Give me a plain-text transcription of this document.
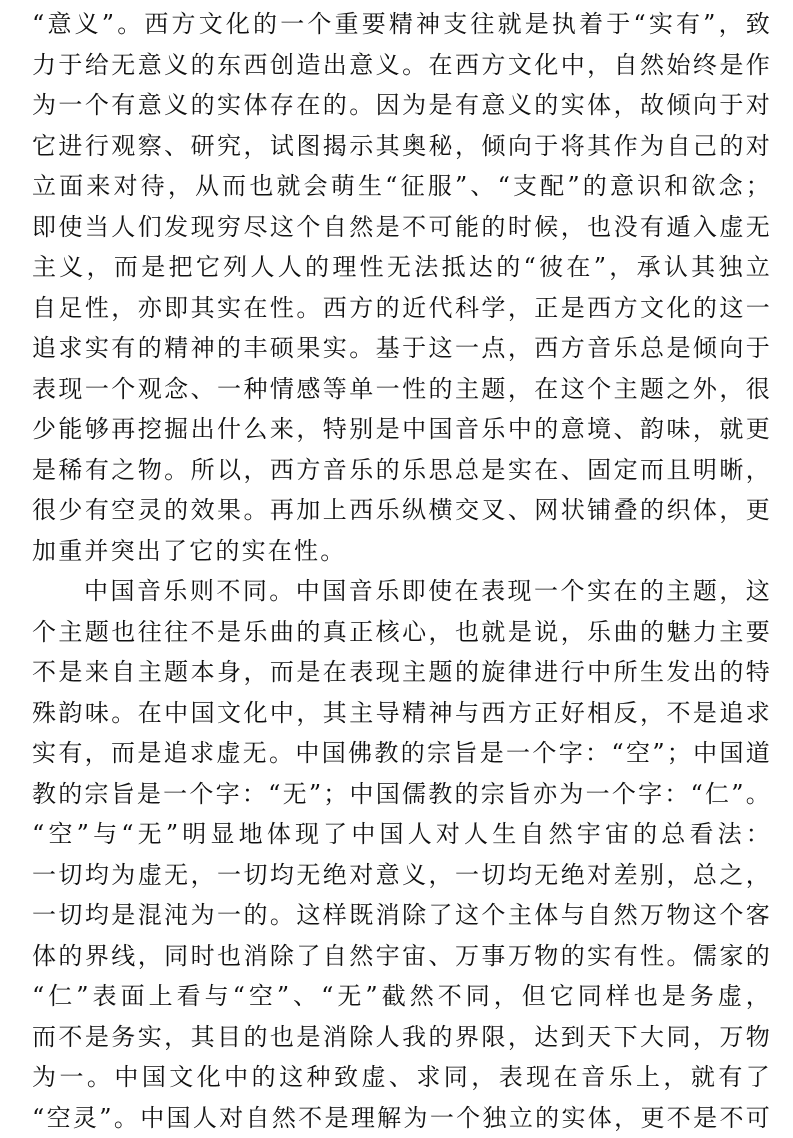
“意义”。西方文化的一个重要精神支往就是执着于“实有”，致
力于给无意义的东西创造出意义。在西方文化中，自然始终是作
为一个有意义的实体存在的。因为是有意义的实体，故倾向于对
它进行观察、研究，试图揭示其奥秘，倾向于将其作为自己的对
立面来对待，从而也就会萌生“征服”、“支配”的意识和欲念；
即使当人们发现穷尽这个自然是不可能的时候，也没有遁入虚无
主义，而是把它列人人的理性无法抵达的“彼在”，承认其独立
自足性，亦即其实在性。西方的近代科学，正是西方文化的这一
追求实有的精神的丰硕果实。基于这一点，西方音乐总是倾向于
表现一个观念、一种情感等单一性的主题，在这个主题之外，很
少能够再挖掘出什么来，特别是中国音乐中的意境、韵味，就更
是稀有之物。所以，西方音乐的乐思总是实在、固定而且明晰，
很少有空灵的效果。再加上西乐纵横交叉、网状铺叠的织体，更
加重并突出了它的实在性。
中国音乐则不同。中国音乐即使在表现一个实在的主题，这
个主题也往往不是乐曲的真正核心，也就是说，乐曲的魅力主要
不是来自主题本身，而是在表现主题的旋律进行中所生发出的特
殊韵味。在中国文化中，其主导精神与西方正好相反，不是追求
实有，而是追求虚无。中国佛教的宗旨是一个字：“空”；中国道
教的宗旨是一个字：“无”；中国儒教的宗旨亦为一个字：“仁”。
“空”与“无”明显地体现了中国人对人生自然宇宙的总看法：
一切均为虚无，一切均无绝对意义，一切均无绝对差别，总之，
一切均是混沌为一的。这样既消除了这个主体与自然万物这个客
体的界线，同时也消除了自然宇宙、万事万物的实有性。儒家的
“仁”表面上看与“空”、“无”截然不同，但它同样也是务虚，
而不是务实，其目的也是消除人我的界限，达到天下大同，万物
为一。中国文化中的这种致虚、求同，表现在音乐上，就有了
“空灵”。中国人对自然不是理解为一个独立的实体，更不是不可
